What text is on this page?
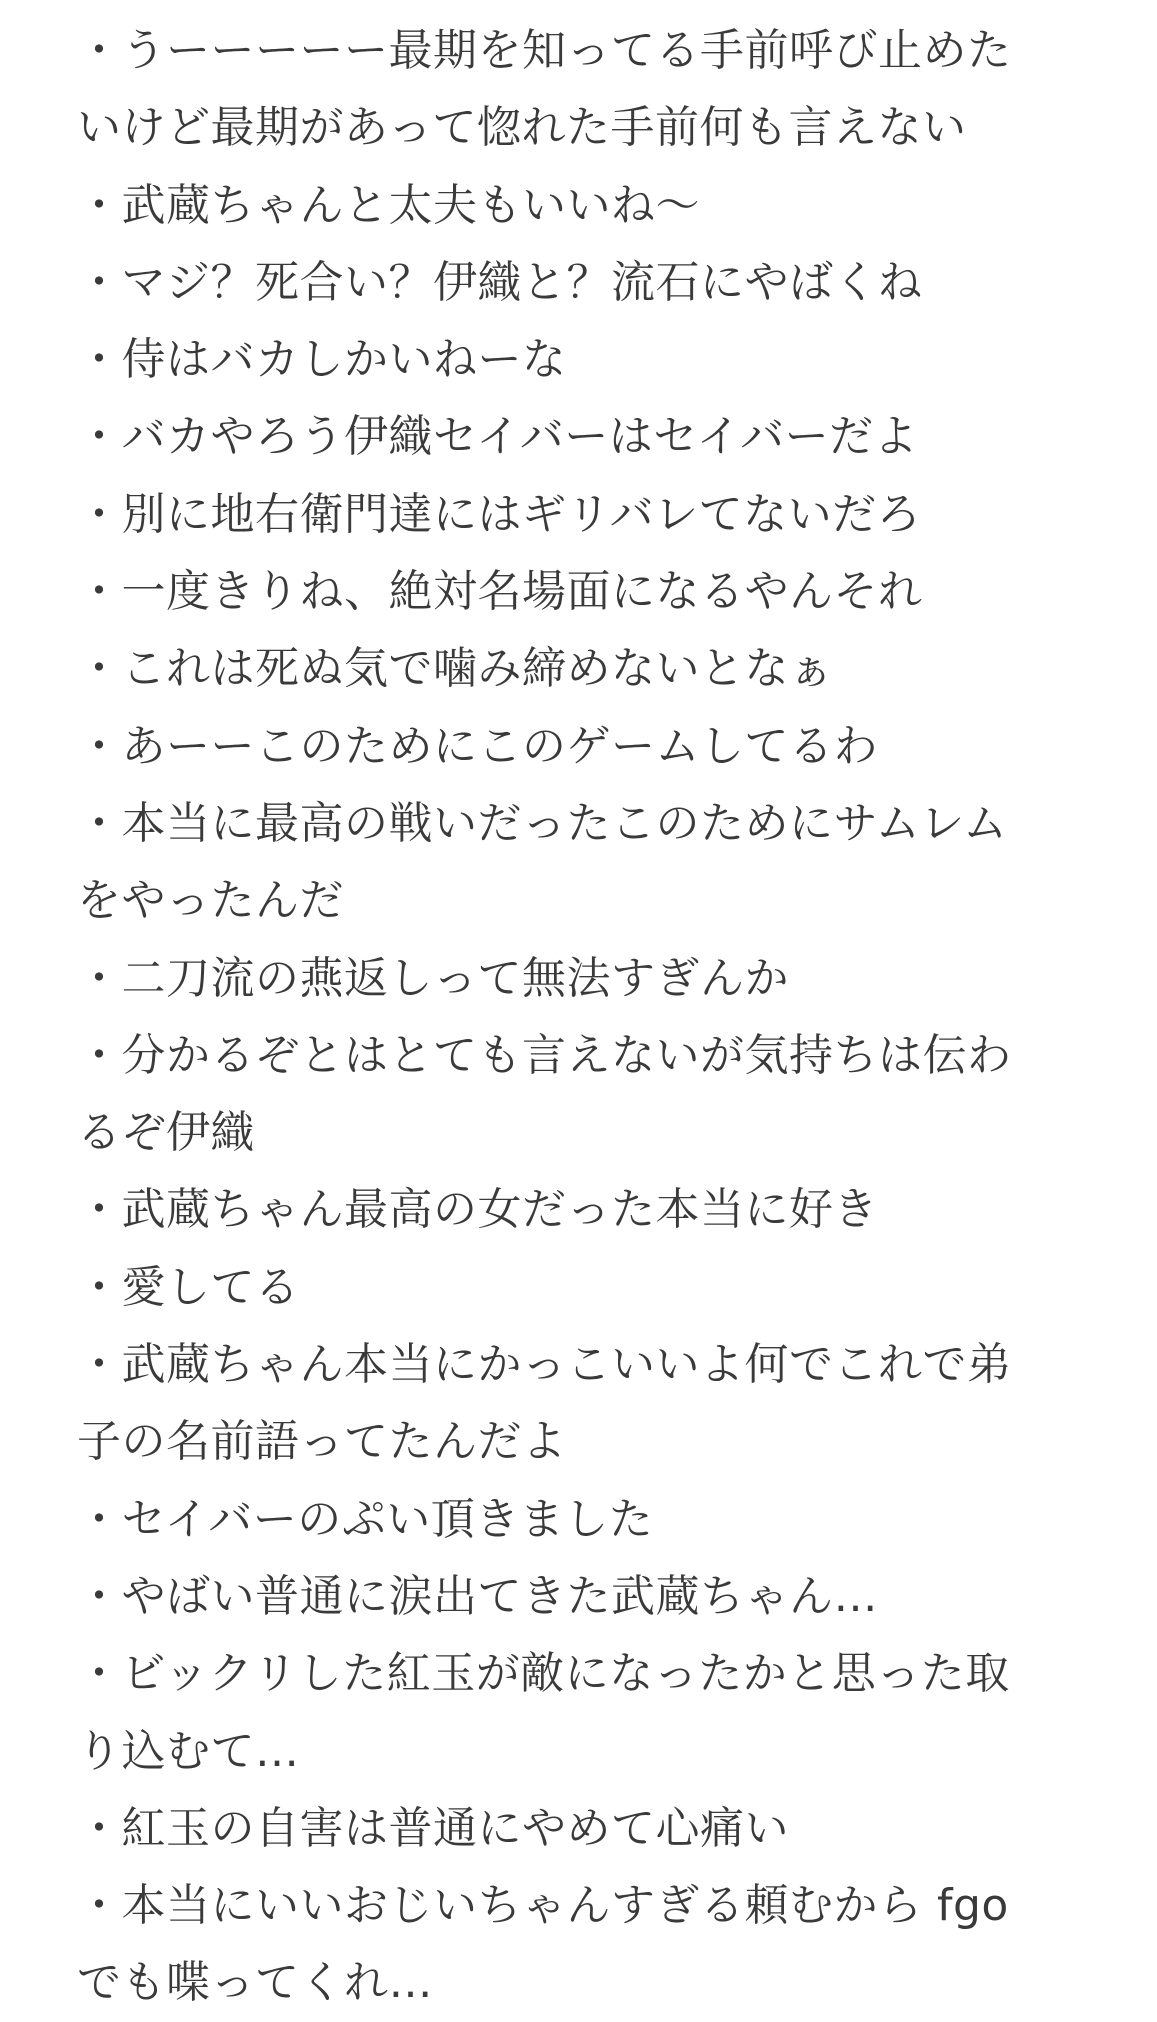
・うーーーーー最期を知ってる手前呼び止めた
いけど最期があって惚れた手前何も言えない
・武蔵ちゃんと太夫もいいね〜
・マジ？死合い？伊織と？流石にやばくね
・侍はバカしかいねーな
・バカやろう伊織セイバーはセイバーだよ
・別に地右衛門達にはギリバレてないだろ
・一度きりね、絶対名場面になるやんそれ
・これは死ぬ気で噛み締めないとなぁ
・あーーこのためにこのゲームしてるわ
・本当に最高の戦いだったこのためにサムレム
をやったんだ
・二刀流の燕返しって無法すぎんか
・分かるぞとはとても言えないが気持ちは伝わ
るぞ伊織
・武蔵ちゃん最高の女だった本当に好き
・愛してる
・武蔵ちゃん本当にかっこいいよ何でこれで弟
子の名前語ってたんだよ
・セイバーのぷい頂きました
・やばい普通に涙出てきた武蔵ちゃん…
・ビックリした紅玉が敵になったかと思った取
り込むて…
・紅玉の自害は普通にやめて心痛い
・本当にいいおじいちゃんすぎる頼むから fgo
でも喋ってくれ…
